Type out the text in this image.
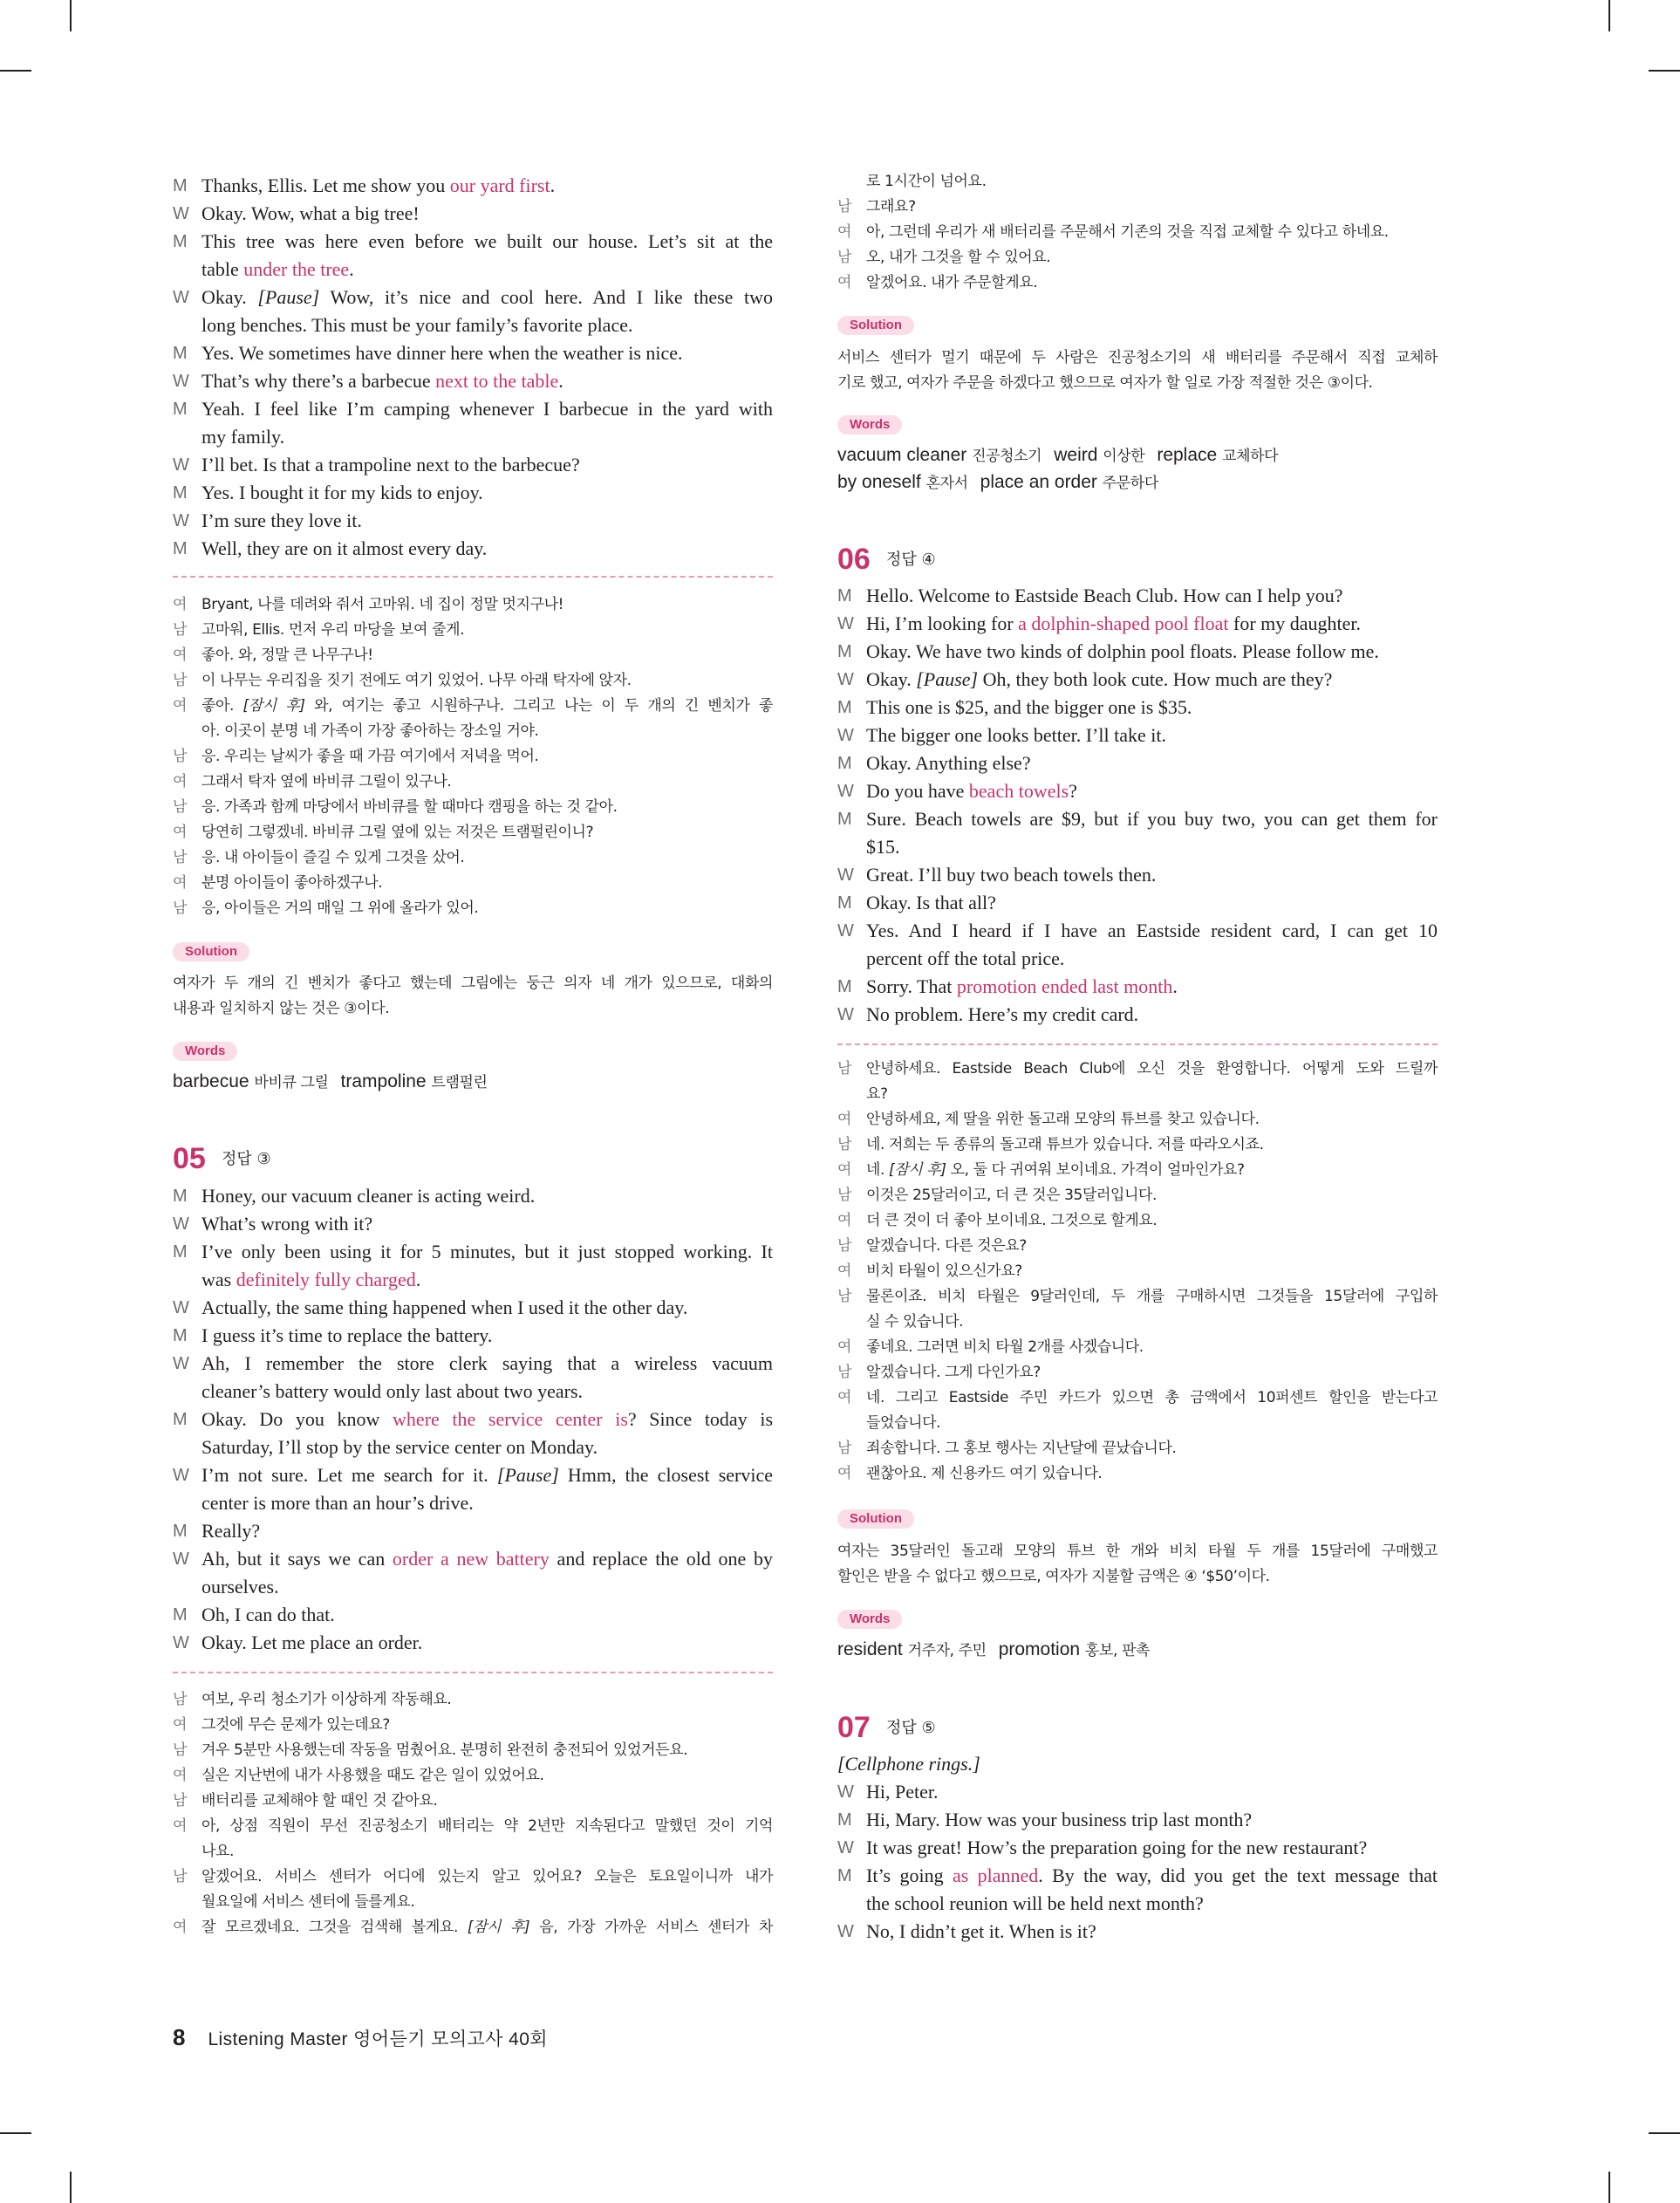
M Thanks, Ellis. Let me show you our yard first.
W Okay. Wow, what a big tree!
M This tree was here even before we built our house. Let’s sit at the
table under the tree.
W Okay. [Pause] Wow, it’s nice and cool here. And I like these two
long benches. This must be your family’s favorite place.
M Yes. We sometimes have dinner here when the weather is nice.
W That’s why there’s a barbecue next to the table.
M Yeah. I feel like I’m camping whenever I barbecue in the yard with
my family.
W I’ll bet. Is that a trampoline next to the barbecue?
M Yes. I bought it for my kids to enjoy.
W I’m sure they love it.
M Well, they are on it almost every day.
여 Bryant, 나를 데려와 줘서 고마워. 네 집이 정말 멋지구나!
남 고마워, Ellis. 먼저 우리 마당을 보여 줄게.
여 좋아. 와, 정말 큰 나무구나!
남 이 나무는 우리집을 짓기 전에도 여기 있었어. 나무 아래 탁자에 앉자.
여 좋아. [잠시 후] 와, 여기는 좋고 시원하구나. 그리고 나는 이 두 개의 긴 벤치가 좋
아. 이곳이 분명 네 가족이 가장 좋아하는 장소일 거야.
남 응. 우리는 날씨가 좋을 때 가끔 여기에서 저녁을 먹어.
여 그래서 탁자 옆에 바비큐 그릴이 있구나.
남 응. 가족과 함께 마당에서 바비큐를 할 때마다 캠핑을 하는 것 같아.
여 당연히 그렇겠네. 바비큐 그릴 옆에 있는 저것은 트램펄린이니?
남 응. 내 아이들이 즐길 수 있게 그것을 샀어.
여 분명 아이들이 좋아하겠구나.
남 응, 아이들은 거의 매일 그 위에 올라가 있어.
Solution
여자가 두 개의 긴 벤치가 좋다고 했는데 그림에는 둥근 의자 네 개가 있으므로, 대화의
내용과 일치하지 않는 것은 ③이다.
Words
barbecue 바비큐 그릴 trampoline 트램펄린
05 정답 ③
M Honey, our vacuum cleaner is acting weird.
W What’s wrong with it?
M I’ve only been using it for 5 minutes, but it just stopped working. It
was definitely fully charged.
W Actually, the same thing happened when I used it the other day.
M I guess it’s time to replace the battery.
W Ah, I remember the store clerk saying that a wireless vacuum
cleaner’s battery would only last about two years.
M Okay. Do you know where the service center is? Since today is
Saturday, I’ll stop by the service center on Monday.
W I’m not sure. Let me search for it. [Pause] Hmm, the closest service
center is more than an hour’s drive.
M Really?
W Ah, but it says we can order a new battery and replace the old one by
ourselves.
M Oh, I can do that.
W Okay. Let me place an order.
남 여보, 우리 청소기가 이상하게 작동해요.
여 그것에 무슨 문제가 있는데요?
남 겨우 5분만 사용했는데 작동을 멈췄어요. 분명히 완전히 충전되어 있었거든요.
여 실은 지난번에 내가 사용했을 때도 같은 일이 있었어요.
남 배터리를 교체해야 할 때인 것 같아요.
여 아, 상점 직원이 무선 진공청소기 배터리는 약 2년만 지속된다고 말했던 것이 기억
나요.
남 알겠어요. 서비스 센터가 어디에 있는지 알고 있어요? 오늘은 토요일이니까 내가
월요일에 서비스 센터에 들를게요.
여 잘 모르겠네요. 그것을 검색해 볼게요. [잠시 후] 음, 가장 가까운 서비스 센터가 차
로 1시간이 넘어요.
남 그래요?
여 아, 그런데 우리가 새 배터리를 주문해서 기존의 것을 직접 교체할 수 있다고 하네요.
남 오, 내가 그것을 할 수 있어요.
여 알겠어요. 내가 주문할게요.
Solution
서비스 센터가 멀기 때문에 두 사람은 진공청소기의 새 배터리를 주문해서 직접 교체하
기로 했고, 여자가 주문을 하겠다고 했으므로 여자가 할 일로 가장 적절한 것은 ③이다.
Words
vacuum cleaner 진공청소기 weird 이상한 replace 교체하다
by oneself 혼자서 place an order 주문하다
06 정답 ④
M Hello. Welcome to Eastside Beach Club. How can I help you?
W Hi, I’m looking for a dolphin-shaped pool float for my daughter.
M Okay. We have two kinds of dolphin pool floats. Please follow me.
W Okay. [Pause] Oh, they both look cute. How much are they?
M This one is $25, and the bigger one is $35.
W The bigger one looks better. I’ll take it.
M Okay. Anything else?
W Do you have beach towels?
M Sure. Beach towels are $9, but if you buy two, you can get them for
$15.
W Great. I’ll buy two beach towels then.
M Okay. Is that all?
W Yes. And I heard if I have an Eastside resident card, I can get 10
percent off the total price.
M Sorry. That promotion ended last month.
W No problem. Here’s my credit card.
남 안녕하세요. Eastside Beach Club에 오신 것을 환영합니다. 어떻게 도와 드릴까
요?
여 안녕하세요, 제 딸을 위한 돌고래 모양의 튜브를 찾고 있습니다.
남 네. 저희는 두 종류의 돌고래 튜브가 있습니다. 저를 따라오시죠.
여 네. [잠시 후] 오, 둘 다 귀여워 보이네요. 가격이 얼마인가요?
남 이것은 25달러이고, 더 큰 것은 35달러입니다.
여 더 큰 것이 더 좋아 보이네요. 그것으로 할게요.
남 알겠습니다. 다른 것은요?
여 비치 타월이 있으신가요?
남 물론이죠. 비치 타월은 9달러인데, 두 개를 구매하시면 그것들을 15달러에 구입하
실 수 있습니다.
여 좋네요. 그러면 비치 타월 2개를 사겠습니다.
남 알겠습니다. 그게 다인가요?
여 네. 그리고 Eastside 주민 카드가 있으면 총 금액에서 10퍼센트 할인을 받는다고
들었습니다.
남 죄송합니다. 그 홍보 행사는 지난달에 끝났습니다.
여 괜찮아요. 제 신용카드 여기 있습니다.
Solution
여자는 35달러인 돌고래 모양의 튜브 한 개와 비치 타월 두 개를 15달러에 구매했고
할인은 받을 수 없다고 했으므로, 여자가 지불할 금액은 ④ ‘$50’이다.
Words
resident 거주자, 주민 promotion 홍보, 판촉
07 정답 ⑤
[Cellphone rings.]
W Hi, Peter.
M Hi, Mary. How was your business trip last month?
W It was great! How’s the preparation going for the new restaurant?
M It’s going as planned. By the way, did you get the text message that
the school reunion will be held next month?
W No, I didn’t get it. When is it?
8 Listening Master 영어듣기 모의고사 40회
